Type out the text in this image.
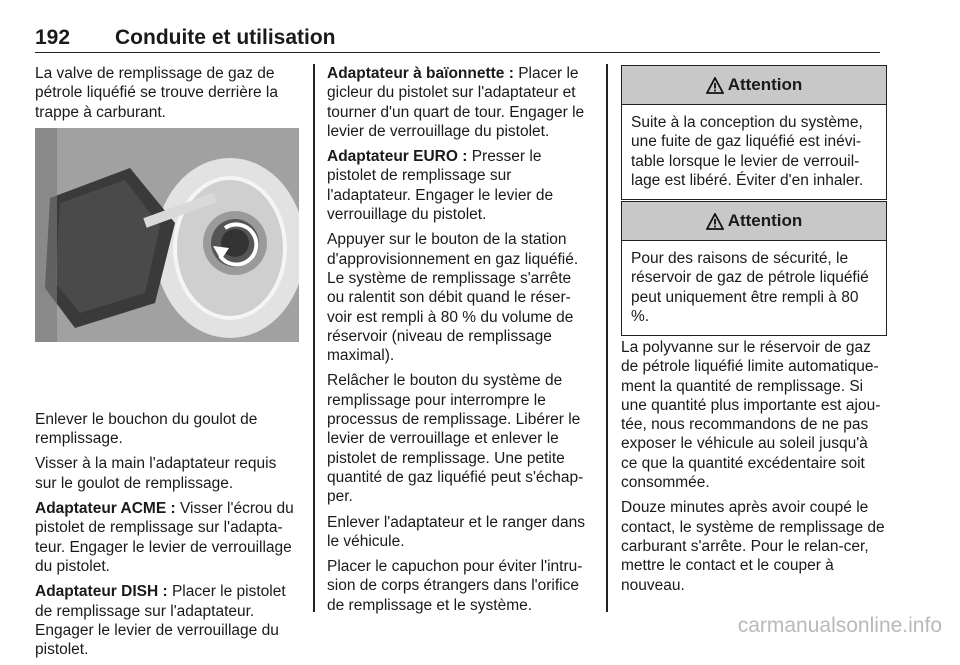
192 Conduite et utilisation

La valve de remplissage de gaz de pétrole liquéfié se trouve derrière la trappe à carburant.

Enlever le bouchon du goulot de remplissage.

Visser à la main l'adaptateur requis sur le goulot de remplissage.

Adaptateur ACME : Visser l'écrou du pistolet de remplissage sur l'adapta-teur. Engager le levier de verrouillage du pistolet.

Adaptateur DISH : Placer le pistolet de remplissage sur l'adaptateur. Engager le levier de verrouillage du pistolet.

Adaptateur à baïonnette : Placer le gicleur du pistolet sur l'adaptateur et tourner d'un quart de tour. Engager le levier de verrouillage du pistolet.

Adaptateur EURO : Presser le pistolet de remplissage sur l'adaptateur. Engager le levier de verrouillage du pistolet.

Appuyer sur le bouton de la station d'approvisionnement en gaz liquéfié. Le système de remplissage s'arrête ou ralentit son débit quand le réser-voir est rempli à 80 % du volume de réservoir (niveau de remplissage maximal).

Relâcher le bouton du système de remplissage pour interrompre le processus de remplissage. Libérer le levier de verrouillage et enlever le pistolet de remplissage. Une petite quantité de gaz liquéfié peut s'échap-per.

Enlever l'adaptateur et le ranger dans le véhicule.

Placer le capuchon pour éviter l'intru-sion de corps étrangers dans l'orifice de remplissage et le système.

Attention
Suite à la conception du système, une fuite de gaz liquéfié est inévi-table lorsque le levier de verrouil-lage est libéré. Éviter d'en inhaler.
Attention
Pour des raisons de sécurité, le réservoir de gaz de pétrole liquéfié peut uniquement être rempli à 80 %.

La polyvanne sur le réservoir de gaz de pétrole liquéfié limite automatique-ment la quantité de remplissage. Si une quantité plus importante est ajou-tée, nous recommandons de ne pas exposer le véhicule au soleil jusqu'à ce que la quantité excédentaire soit consommée.

Douze minutes après avoir coupé le contact, le système de remplissage de carburant s'arrête. Pour le relan-cer, mettre le contact et le couper à nouveau.

carmanualsonline.info
